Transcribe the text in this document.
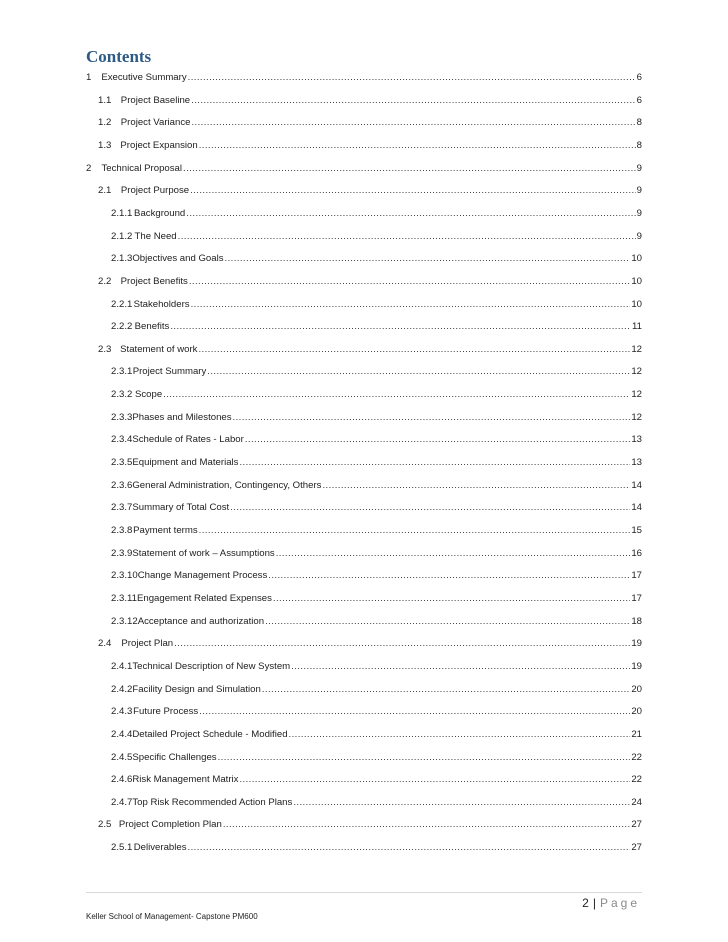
Contents
1	Executive Summary .....	6
1.1 Project Baseline .....	6
1.2 Project Variance .....	8
1.3 Project Expansion .....	8
2	Technical Proposal .....	9
2.1 Project Purpose .....	9
2.1.1 Background .....	9
2.1.2 The Need .....	9
2.1.3 Objectives and Goals .....	10
2.2 Project Benefits .....	10
2.2.1 Stakeholders .....	10
2.2.2 Benefits .....	11
2.3 Statement of work .....	12
2.3.1 Project Summary .....	12
2.3.2 Scope .....	12
2.3.3 Phases and Milestones .....	12
2.3.4 Schedule of Rates - Labor .....	13
2.3.5 Equipment and Materials .....	13
2.3.6 General Administration, Contingency, Others .....	14
2.3.7 Summary of Total Cost .....	14
2.3.8 Payment terms .....	15
2.3.9 Statement of work – Assumptions .....	16
2.3.10 Change Management Process .....	17
2.3.11 Engagement Related Expenses .....	17
2.3.12 Acceptance and authorization .....	18
2.4	Project Plan .....	19
2.4.1 Technical Description of New System .....	19
2.4.2 Facility Design and Simulation .....	20
2.4.3 Future Process .....	20
2.4.4 Detailed Project Schedule - Modified .....	21
2.4.5 Specific Challenges .....	22
2.4.6 Risk Management Matrix .....	22
2.4.7 Top Risk Recommended Action Plans .....	24
2.5 Project Completion Plan .....	27
2.5.1 Deliverables .....	27
2 | Page
Keller School of Management- Capstone PM600
